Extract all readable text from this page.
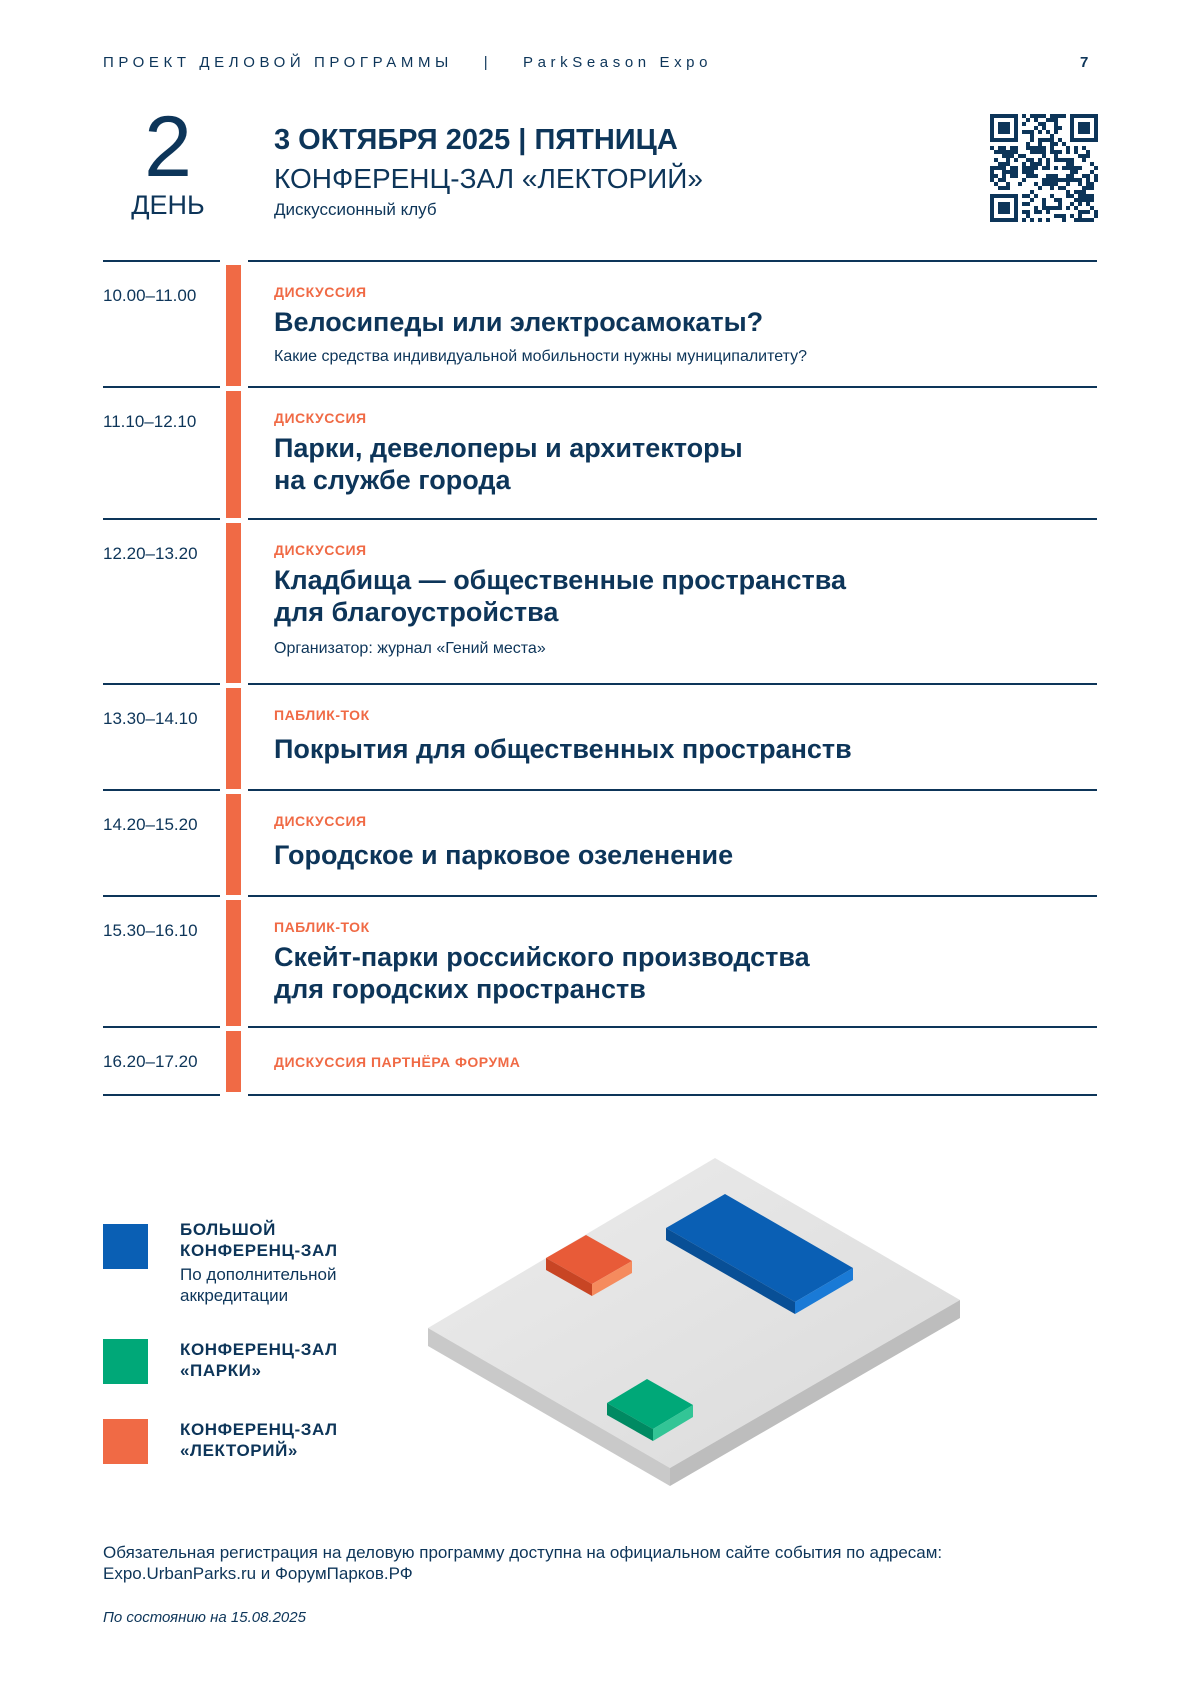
ПРОЕКТ ДЕЛОВОЙ ПРОГРАММЫ | ParkSeason Expo	7
2
ДЕНЬ
3 ОКТЯБРЯ 2025 | ПЯТНИЦА
КОНФЕРЕНЦ-ЗАЛ «ЛЕКТОРИЙ»
Дискуссионный клуб
10.00–11.00	ДИСКУССИЯ
Велосипеды или электросамокаты?
Какие средства индивидуальной мобильности нужны муниципалитету?
11.10–12.10	ДИСКУССИЯ
Парки, девелоперы и архитекторы
на службе города
12.20–13.20	ДИСКУССИЯ
Кладбища — общественные пространства
для благоустройства
Организатор: журнал «Гений места»
13.30–14.10	ПАБЛИК-ТОК
Покрытия для общественных пространств
14.20–15.20	ДИСКУССИЯ
Городское и парковое озеленение
15.30–16.10	ПАБЛИК-ТОК
Скейт-парки российского производства
для городских пространств
16.20–17.20	ДИСКУССИЯ ПАРТНЁРА ФОРУМА
БОЛЬШОЙ
КОНФЕРЕНЦ-ЗАЛ
По дополнительной
аккредитации
КОНФЕРЕНЦ-ЗАЛ
«ПАРКИ»
КОНФЕРЕНЦ-ЗАЛ
«ЛЕКТОРИЙ»
Обязательная регистрация на деловую программу доступна на официальном сайте события по адресам:
Expo.UrbanParks.ru и ФорумПарков.РФ
По состоянию на 15.08.2025
